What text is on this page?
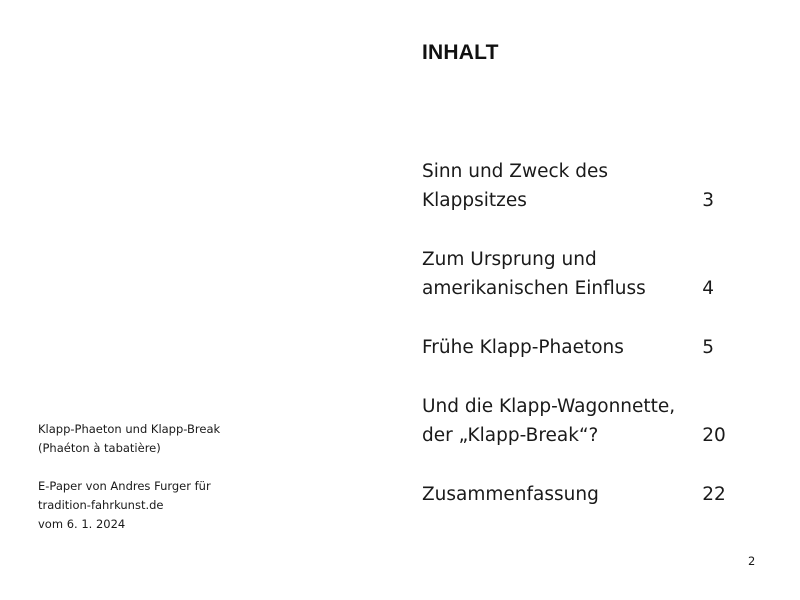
INHALT
Sinn und Zweck des
Klappsitzes	3
Zum Ursprung und
amerikanischen Einfluss	4
Frühe Klapp-Phaetons	5
Und die Klapp-Wagonnette,
der „Klapp-Break“?	20
Zusammenfassung	22

Klapp-Phaeton und Klapp-Break

(Phaéton à tabatière)

E-Paper von Andres Furger für

tradition-fahrkunst.de

vom 6. 1. 2024

2
